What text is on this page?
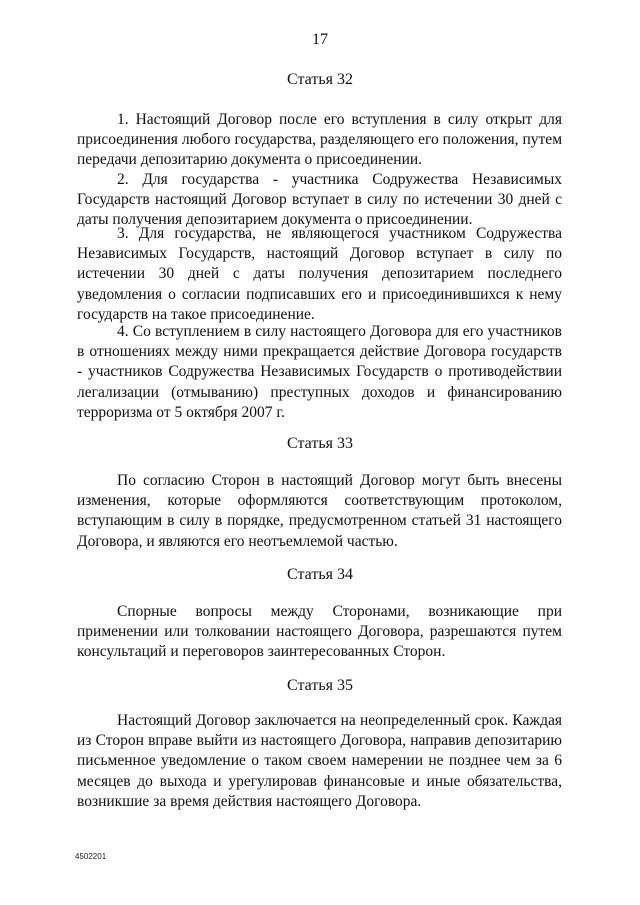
17
Статья 32

1. Настоящий Договор после его вступления в силу открыт для присоединения любого государства, разделяющего его положения, путем передачи депозитарию документа о присоединении.

2. Для государства - участника Содружества Независимых Государств настоящий Договор вступает в силу по истечении 30 дней с даты получения депозитарием документа о присоединении.

3. Для государства, не являющегося участником Содружества Независимых Государств, настоящий Договор вступает в силу по истечении 30 дней с даты получения депозитарием последнего уведомления о согласии подписавших его и присоединившихся к нему государств на такое присоединение.

4. Со вступлением в силу настоящего Договора для его участников в отношениях между ними прекращается действие Договора государств - участников Содружества Независимых Государств о противодействии легализации (отмыванию) преступных доходов и финансированию терроризма от 5 октября 2007 г.

Статья 33

По согласию Сторон в настоящий Договор могут быть внесены изменения, которые оформляются соответствующим протоколом, вступающим в силу в порядке, предусмотренном статьей 31 настоящего Договора, и являются его неотъемлемой частью.

Статья 34

Спорные вопросы между Сторонами, возникающие при применении или толковании настоящего Договора, разрешаются путем консультаций и переговоров заинтересованных Сторон.

Статья 35

Настоящий Договор заключается на неопределенный срок. Каждая из Сторон вправе выйти из настоящего Договора, направив депозитарию письменное уведомление о таком своем намерении не позднее чем за 6 месяцев до выхода и урегулировав финансовые и иные обязательства, возникшие за время действия настоящего Договора.

4502201
